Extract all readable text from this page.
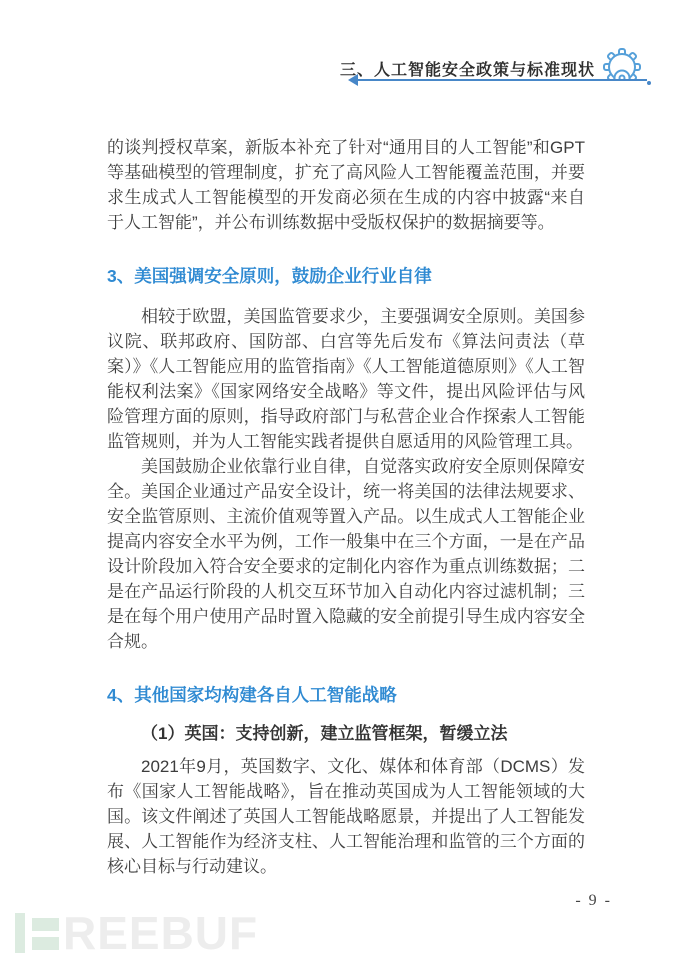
三、人工智能安全政策与标准现状

的谈判授权草案，新版本补充了针对“通用目的人工智能”和GPT等基础模型的管理制度，扩充了高风险人工智能覆盖范围，并要求生成式人工智能模型的开发商必须在生成的内容中披露“来自于人工智能”，并公布训练数据中受版权保护的数据摘要等。

3、美国强调安全原则，鼓励企业行业自律

相较于欧盟，美国监管要求少，主要强调安全原则。美国参议院、联邦政府、国防部、白宫等先后发布《算法问责法（草案）》《人工智能应用的监管指南》《人工智能道德原则》《人工智能权利法案》《国家网络安全战略》等文件，提出风险评估与风险管理方面的原则，指导政府部门与私营企业合作探索人工智能监管规则，并为人工智能实践者提供自愿适用的风险管理工具。

美国鼓励企业依靠行业自律，自觉落实政府安全原则保障安全。美国企业通过产品安全设计，统一将美国的法律法规要求、安全监管原则、主流价值观等置入产品。以生成式人工智能企业提高内容安全水平为例，工作一般集中在三个方面，一是在产品设计阶段加入符合安全要求的定制化内容作为重点训练数据；二是在产品运行阶段的人机交互环节加入自动化内容过滤机制；三是在每个用户使用产品时置入隐藏的安全前提引导生成内容安全合规。

4、其他国家均构建各自人工智能战略
（1）英国：支持创新，建立监管框架，暂缓立法

2021年9月，英国数字、文化、媒体和体育部（DCMS）发布《国家人工智能战略》，旨在推动英国成为人工智能领域的大国。该文件阐述了英国人工智能战略愿景，并提出了人工智能发展、人工智能作为经济支柱、人工智能治理和监管的三个方面的核心目标与行动建议。

- 9 -
REEBUF
